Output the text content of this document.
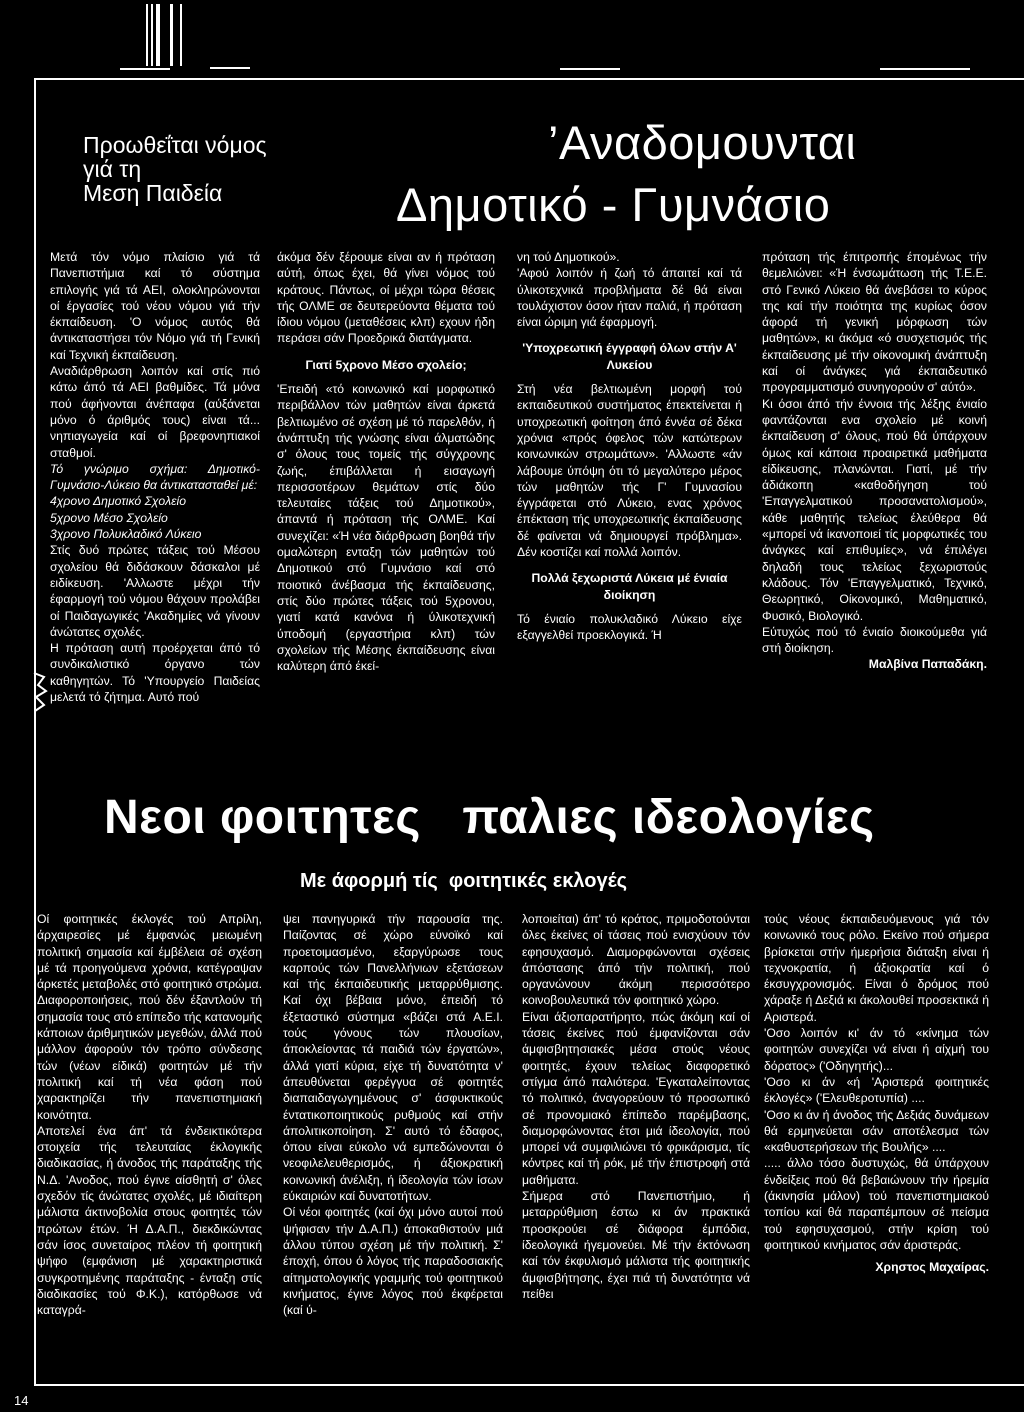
Προωθεΐται νόμος
γιά τη
Μεση Παιδεία
’Αναδομουνται
Δημοτικό - Γυμνάσιο

Μετά τόν νόμο πλαίσιο γιά τά Πανεπιστήμια καί τό σύστημα επιλογής γιά τά ΑΕΙ, ολοκληρώνονται οί έργασίες τού νέου νόμου γιά τήν έκπαίδευση. 'Ο νόμος αυτός θά άντικαταστήσει τόν Νόμο γιά τή Γενική καί Τεχνική έκπαίδευση.

Αναδιάρθρωση λοιπόν καί στίς πιό κάτω άπό τά ΑΕΙ βαθμίδες. Τά μόνα πού άφήνονται άνέπαφα (αύξάνεται μόνο ό άριθμός τους) είναι τά... νηπιαγωγεία καί οί βρεφονηπιακοί σταθμοί.

Τό γνώριμο σχήμα: Δημοτικό-Γυμνάσιο-Λύκειο θα άντικατασταθεί μέ:

4χρονο Δημοτικό Σχολείο

5χρονο Μέσο Σχολείο

3χρονο Πολυκλαδικό Λύκειο

Στίς δυό πρώτες τάξεις τού Μέσου σχολείου θά διδάσκουν δάσκαλοι μέ ειδίκευση. 'Αλλωστε μέχρι τήν έφαρμογή τού νόμου θάχουν προλάβει οί Παιδαγωγικές 'Ακαδημίες νά γίνουν άνώτατες σχολές.

Η πρόταση αυτή προέρχεται άπό τό συνδικαλιστικό όργανο τών καθηγητών. Τό 'Υπουργείο Παιδείας μελετά τό ζήτημα. Αυτό πού

άκόμα δέν ξέρουμε είναι αν ή πρόταση αύτή, όπως έχει, θά γίνει νόμος τού κράτους. Πάντως, οί μέχρι τώρα θέσεις τής ΟΛΜΕ σε δευτερεύοντα θέματα τού ίδιου νόμου (μεταθέσεις κλπ) εχουν ήδη περάσει σάν Προεδρικά διατάγματα.

Γιατί 5χρονο Μέσο σχολείο;

'Επειδή «τό κοινωνικό καί μορφωτικό περιβάλλον τών μαθητών είναι άρκετά βελτιωμένο σέ σχέση μέ τό παρελθόν, ή άνάπτυξη τής γνώσης είναι άλματώδης σ' όλους τους τομείς τής σύγχρονης ζωής, έπιβάλλεται ή εισαγωγή περισσοτέρων θεμάτων στίς δύο τελευταίες τάξεις τού Δημοτικού», άπαντά ή πρόταση τής ΟΛΜΕ. Καί συνεχίζει: «Ή νέα διάρθρωση βοηθά τήν ομαλώτερη ενταξη τών μαθητών τού Δημοτικού στό Γυμνάσιο καί στό ποιοτικό άνέβασμα τής έκπαίδευσης, στίς δύο πρώτες τάξεις τού 5χρονου, γιατί κατά κανόνα ή ύλικοτεχνική ύποδομή (εργαστήρια κλπ) τών σχολείων τής Μέσης έκπαίδευσης είναι καλύτερη άπό έκεί-

νη τού Δημοτικού».

'Αφού λοιπόν ή ζωή τό άπαιτεί καί τά ύλικοτεχνικά προβλήματα δέ θά είναι τουλάχιστον όσον ήταν παλιά, ή πρόταση είναι ώριμη γιά έφαρμογή.

'Υποχρεωτική έγγραφή όλων στήν Α' Λυκείου

Στή νέα βελτιωμένη μορφή τού εκπαιδευτικού συστήματος έπεκτείνεται ή υποχρεωτική φοίτηση άπό έννέα σέ δέκα χρόνια «πρός όφελος τών κατώτερων κοινωνικών στρωμάτων». 'Αλλωστε «άν λάβουμε ύπόψη ότι τό μεγαλύτερο μέρος τών μαθητών τής Γ' Γυμνασίου έγγράφεται στό Λύκειο, ενας χρόνος έπέκταση τής υποχρεωτικής έκπαίδευσης δέ φαίνεται νά δημιουργεί πρόβλημα». Δέν κοστίζει καί πολλά λοιπόν.

Πολλά ξεχωριστά Λύκεια μέ ένιαία διοίκηση

Τό ένιαίο πολυκλαδικό Λύκειο είχε εξαγγελθεί προεκλογικά. Ή

πρόταση τής έπιτροπής έπομένως τήν θεμελιώνει: «Ή ένσωμάτωση τής Τ.Ε.Ε. στό Γενικό Λύκειο θά άνεβάσει το κύρος της καί τήν ποιότητα της κυρίως όσον άφορά τή γενική μόρφωση τών μαθητών», κι άκόμα «ό συσχετισμός τής έκπαίδευσης μέ τήν οίκονομική άνάπτυξη καί οί άνάγκες γιά έκπαιδευτικό προγραμματισμό συνηγορούν σ' αύτό».

Κι όσοι άπό τήν έννοια τής λέξης ένιαίο φαντάζονται ενα σχολείο μέ κοινή έκπαίδευση σ' όλους, πού θά ύπάρχουν όμως καί κάποια προαιρετικά μαθήματα είδίκευσης, πλανώνται. Γιατί, μέ τήν άδιάκοπη «καθοδήγηση τού 'Επαγγελματικού προσανατολισμού», κάθε μαθητής τελείως έλεύθερα θά «μπορεί νά ίκανοποιεί τίς μορφωτικές του άνάγκες καί επιθυμίες», νά έπιλέγει δηλαδή τους τελείως ξεχωριστούς κλάδους. Τόν 'Επαγγελματικό, Τεχνικό, Θεωρητικό, Οίκονομικό, Μαθηματικό, Φυσικό, Βιολογικό.

Εύτυχώς πού τό ένιαίο διοικούμεθα γιά στή διοίκηση.

Μαλβίνα Παπαδάκη.

Νεοι φοιτητες   παλιες ιδεολογίες
Με άφορμή τίς  φοιτητικές εκλογές

Οί φοιτητικές έκλογές τού Απρίλη, άρχαιρεσίες μέ έμφανώς μειωμένη πολιτική σημασία καί έμβέλεια σέ σχέση μέ τά προηγούμενα χρόνια, κατέγραψαν άρκετές μεταβολές στό φοιτητικό στρώμα. Διαφοροποιήσεις, πού δέν έξαντλούν τή σημασία τους στό επίπεδο τής κατανομής κάποιων άριθμητικών μεγεθών, άλλά πού μάλλον άφορούν τόν τρόπο σύνδεσης τών (νέων είδικά) φοιτητών μέ τήν πολιτική καί τή νέα φάση πού χαρακτηρίζει τήν πανεπιστημιακή κοινότητα.

Αποτελεί ένα άπ' τά ένδεικτικότερα στοιχεία τής τελευταίας έκλογικής διαδικασίας, ή άνοδος τής παράταξης τής Ν.Δ. 'Ανοδος, πού έγινε αίσθητή σ' όλες σχεδόν τίς άνώτατες σχολές, μέ ιδιαίτερη μάλιστα άκτινοβολία στους φοιτητές τών πρώτων έτών. Ή Δ.Α.Π., διεκδικώντας σάν ίσος συνεταίρος πλέον τή φοιτητική ψήφο (εμφάνιση μέ χαρακτηριστικά συγκροτημένης παράταξης - ένταξη στίς διαδικασίες τού Φ.Κ.), κατόρθωσε νά καταγρά-

ψει πανηγυρικά τήν παρουσία της. Παίζοντας σέ χώρο εύνοϊκό καί προετοιμασμένο, εξαργύρωσε τους καρπούς τών Πανελλήνιων εξετάσεων καί τής έκπαιδευτικής μεταρρύθμισης. Καί όχι βέβαια μόνο, έπειδή τό έξεταστικό σύστημα «βάζει στά Α.Ε.Ι. τούς γόνους τών πλουσίων, άποκλείοντας τά παιδιά τών έργατών», άλλά γιατί κύρια, είχε τή δυνατότητα ν' άπευθύνεται φερέγγυα σέ φοιτητές διαπαιδαγωγημένους σ' άσφυκτικούς έντατικοποιητικούς ρυθμούς καί στήν άπολιτικοποίηση. Σ' αυτό τό έδαφος, όπου είναι εύκολο νά εμπεδώνονται ό νεοφιλελευθερισμός, ή άξιοκρατική κοινωνική άνέλιξη, ή ίδεολογία τών ίσων εύκαιριών καί δυνατοτήτων.

Οί νέοι φοιτητές (καί όχι μόνο αυτοί πού ψήφισαν τήν Δ.Α.Π.) άποκαθιστούν μιά άλλου τύπου σχέση μέ τήν πολιτική. Σ' έποχή, όπου ό λόγος τής παραδοσιακής αίτηματολογικής γραμμής τού φοιτητικού κινήματος, έγινε λόγος πού έκφέρεται (καί ύ-

λοποιείται) άπ' τό κράτος, πριμοδοτούνται όλες έκείνες οί τάσεις πού ενισχύουν τόν εφησυχασμό. Διαμορφώνονται σχέσεις άπόστασης άπό τήν πολιτική, πού οργανώνουν άκόμη περισσότερο κοινοβουλευτικά τόν φοιτητικό χώρο.

Είναι άξιοπαρατήρητο, πώς άκόμη καί οί τάσεις έκείνες πού έμφανίζονται σάν άμφισβητησιακές μέσα στούς νέους φοιτητές, έχουν τελείως διαφορετικό στίγμα άπό παλιότερα. 'Εγκαταλείποντας τό πολιτικό, άναγορεύουν τό προσωπικό σέ προνομιακό έπίπεδο παρέμβασης, διαμορφώνοντας έτσι μιά ίδεολογία, πού μπορεί νά συμφιλιώνει τό φρικάρισμα, τίς κόντρες καί τή ρόκ, μέ τήν έπιστροφή στά μαθήματα.

Σήμερα στό Πανεπιστήμιο, ή μεταρρύθμιση έστω κι άν πρακτικά προσκρούει σέ διάφορα έμπόδια, ίδεολογικά ήγεμονεύει. Μέ τήν έκτόνωση καί τόν έκφυλισμό μάλιστα τής φοιτητικής άμφισβήτησης, έχει πιά τή δυνατότητα νά πείθει

τούς νέους έκπαιδευόμενους γιά τόν κοινωνικό τους ρόλο. Εκείνο πού σήμερα βρίσκεται στήν ήμερήσια διάταξη είναι ή τεχνοκρατία, ή άξιοκρατία καί ό έκσυγχρονισμός. Είναι ό δρόμος πού χάραξε ή Δεξιά κι άκολουθεί προσεκτικά ή Αριστερά.

'Οσο λοιπόν κι' άν τό «κίνημα τών φοιτητών συνεχίζει νά είναι ή αίχμή του δόρατος» ('Οδηγητής)...

'Οσο κι άν «ή 'Αριστερά φοιτητικές έκλογές» ('Ελευθεροτυπία) ....

'Οσο κι άν ή άνοδος τής Δεξιάς δυνάμεων θά ερμηνεύεται σάν αποτέλεσμα τών «καθυστερήσεων τής Βουλής» ....

..... άλλο τόσο δυστυχώς, θά ύπάρχουν ένδείξεις πού θά βεβαιώνουν τήν ήρεμία (άκινησία μάλον) τού πανεπιστημιακού τοπίου καί θά παραπέμπουν σέ πείσμα τού εφησυχασμού, στήν κρίση τού φοιτητικού κινήματος σάν άριστεράς.

Χρηστος Μαχαίρας.

14
